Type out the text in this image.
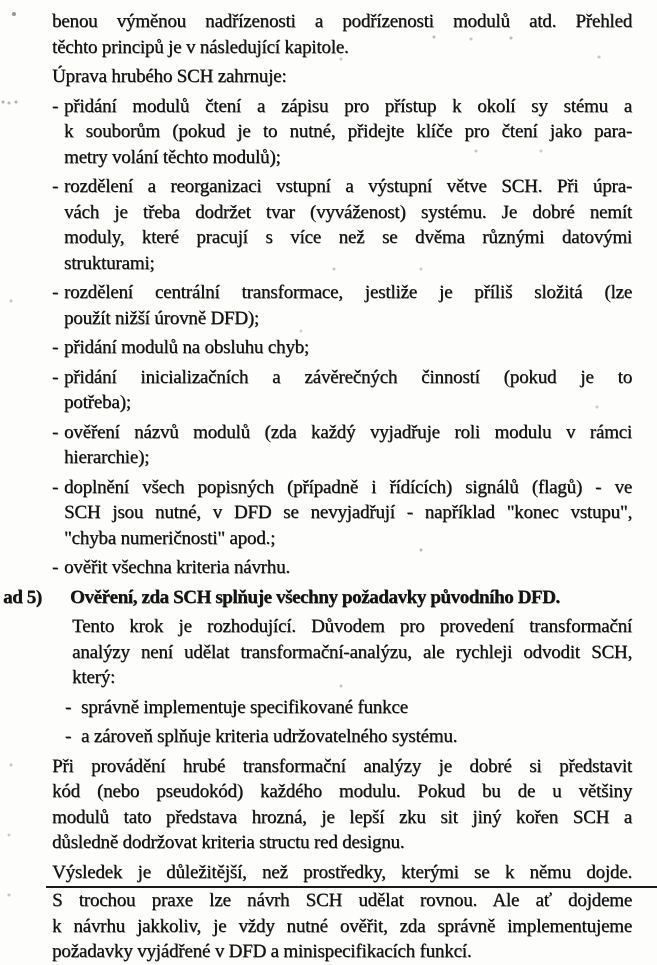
benou výměnou nadřízenosti a podřízenosti modulů atd. Přehled
těchto principů je v následující kapitole.
Úprava hrubého SCH zahrnuje:
- přidání modulů čtení a zápisu pro přístup k okolí sy stému a
k souborům (pokud je to nutné, přidejte klíče pro čtení jako para-
metry volání těchto modulů);
- rozdělení a reorganizaci vstupní a výstupní větve SCH. Při úpra-
vách je třeba dodržet tvar (vyváženost) systému. Je dobré nemít
moduly, které pracují s více než se dvěma různými datovými
strukturami;
- rozdělení centrální transformace, jestliže je příliš složitá (lze
použít nižší úrovně DFD);
- přidání modulů na obsluhu chyb;
- přidání inicializačních a závěrečných činností (pokud je to
potřeba);
- ověření názvů modulů (zda každý vyjadřuje roli modulu v rámci
hierarchie);
- doplnění všech popisných (případně i řídících) signálů (flagů) - ve
SCH jsou nutné, v DFD se nevyjadřují - například "konec vstupu",
"chyba numeričnosti" apod.;
- ověřit všechna kriteria návrhu.
ad 5) Ověření, zda SCH splňuje všechny požadavky původního DFD.
Tento krok je rozhodující. Důvodem pro provedení transformační
analýzy není udělat transformační-analýzu, ale rychleji odvodit SCH,
který:
- správně implementuje specifikované funkce
- a zároveň splňuje kriteria udržovatelného systému.
Při provádění hrubé transformační analýzy je dobré si představit
kód (nebo pseudokód) každého modulu. Pokud bu de u většiny
modulů tato představa hrozná, je lepší zku sit jiný kořen SCH a
důsledně dodržovat kriteria structu red designu.
Výsledek je důležitější, než prostředky, kterými se k němu dojde.
S trochou praxe lze návrh SCH udělat rovnou. Ale ať dojdeme
k návrhu jakkoliv, je vždy nutné ověřit, zda správně implementujeme
požadavky vyjádřené v DFD a minispecifikacích funkcí.
